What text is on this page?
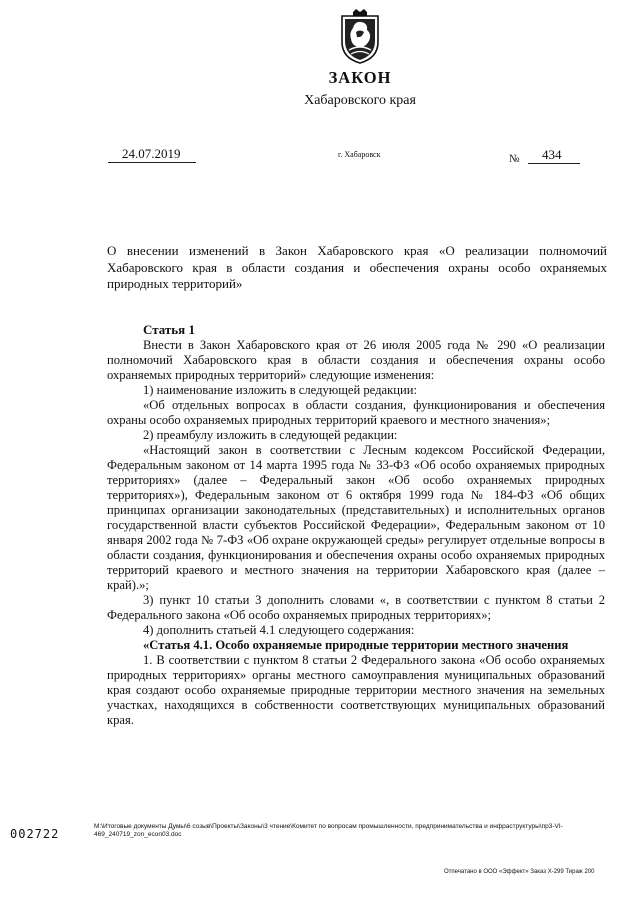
ЗАКОН
Хабаровского края
24.07.2019	г. Хабаровск	№ 434
О внесении изменений в Закон Хабаровского края «О реализации полномочий Хабаровского края в области создания и обеспечения охраны особо охраняемых природных территорий»
Статья 1

Внести в Закон Хабаровского края от 26 июля 2005 года № 290 «О реализации полномочий Хабаровского края в области создания и обеспечения охраны особо охраняемых природных территорий» следующие изменения:

1) наименование изложить в следующей редакции:

«Об отдельных вопросах в области создания, функционирования и обеспечения охраны особо охраняемых природных территорий краевого и местного значения»;

2) преамбулу изложить в следующей редакции:

«Настоящий закон в соответствии с Лесным кодексом Российской Федерации, Федеральным законом от 14 марта 1995 года № 33-ФЗ «Об особо охраняемых природных территориях» (далее – Федеральный закон «Об особо охраняемых природных территориях»), Федеральным законом от 6 октября 1999 года № 184-ФЗ «Об общих принципах организации законодательных (представительных) и исполнительных органов государственной власти субъектов Российской Федерации», Федеральным законом от 10 января 2002 года № 7-ФЗ «Об охране окружающей среды» регулирует отдельные вопросы в области создания, функционирования и обеспечения охраны особо охраняемых природных территорий краевого и местного значения на территории Хабаровского края (далее – край).»;

3) пункт 10 статьи 3 дополнить словами «, в соответствии с пунктом 8 статьи 2 Федерального закона «Об особо охраняемых природных территориях»;

4) дополнить статьей 4.1 следующего содержания:

«Статья 4.1. Особо охраняемые природные территории местного значения

1. В соответствии с пунктом 8 статьи 2 Федерального закона «Об особо охраняемых природных территориях» органы местного самоуправления муниципальных образований края создают особо охраняемые природные территории местного значения на земельных участках, находящихся в собственности соответствующих муниципальных образований края.

002722
M:\Итоговые документы Думы\6 созыв\Проекты\Законы\3 чтение\Комитет по вопросам промышленности, предпринимательства и инфраструктуры\пр3-VI-469_240719_zon_econ03.doc
Отпечатано в ООО «Эффект» Заказ Х-299 Тираж 200
